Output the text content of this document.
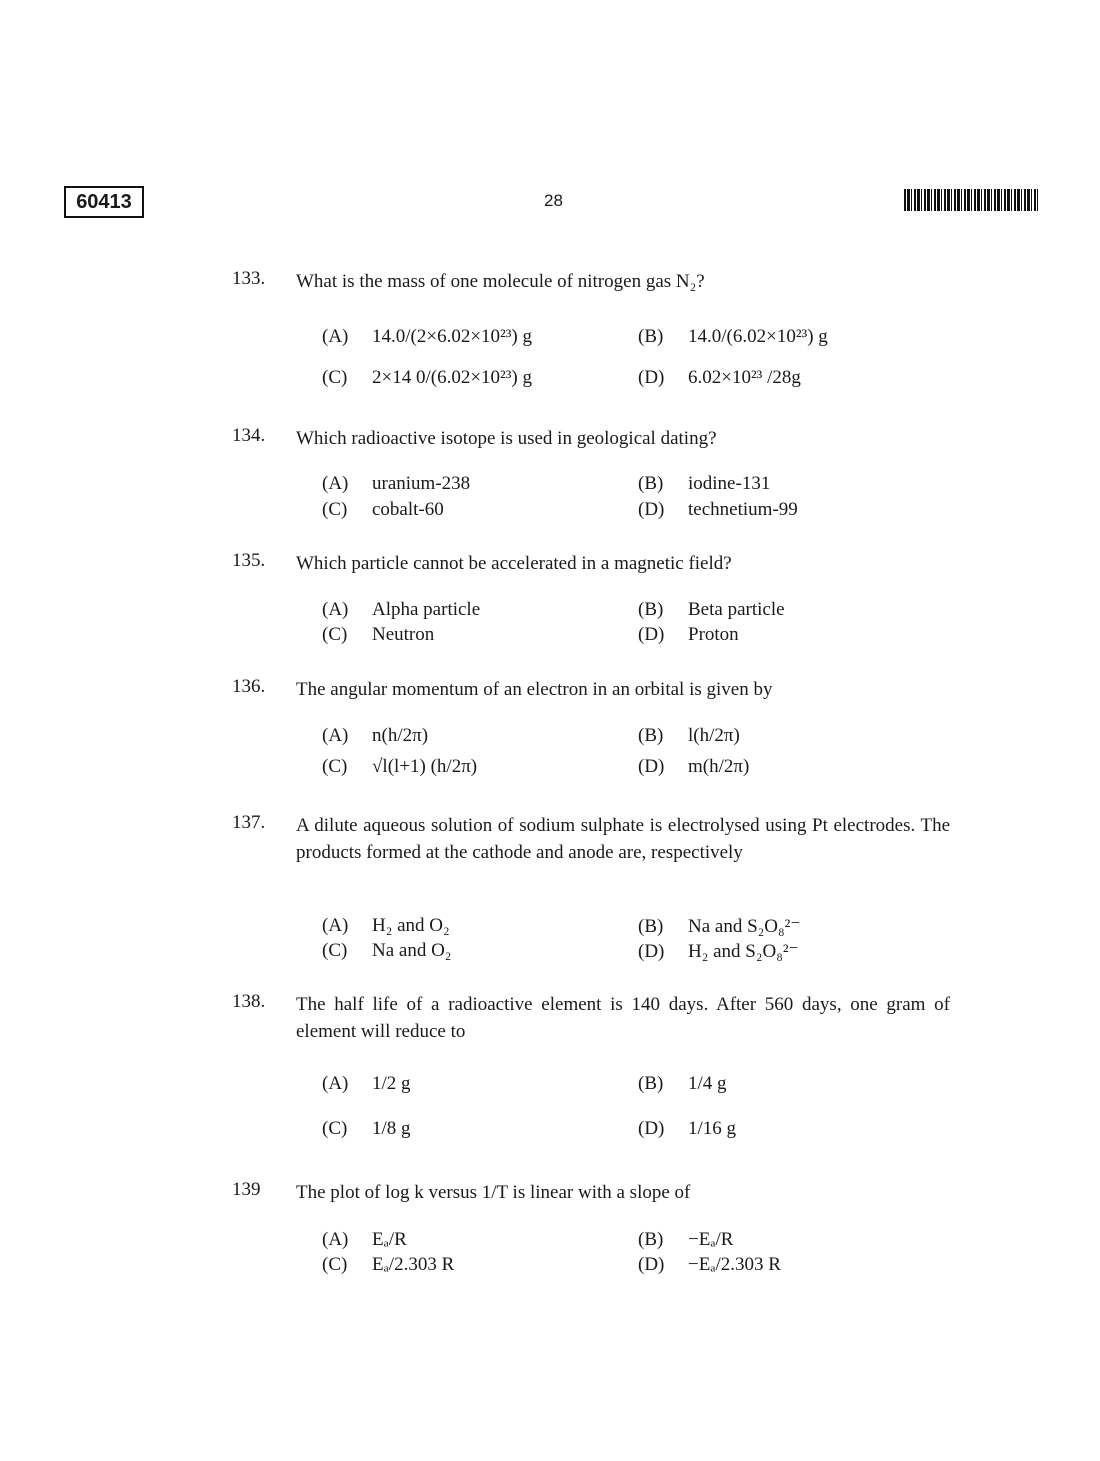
60413	28
133. What is the mass of one molecule of nitrogen gas N₂?
(A) 14.0/(2×6.02×10²³) g	(B) 14.0/(6.02×10²³) g
(C) 2×14 0/(6.02×10²³) g	(D) 6.02×10²³ /28g
134. Which radioactive isotope is used in geological dating?
(A) uranium-238	(B) iodine-131
(C) cobalt-60	(D) technetium-99
135. Which particle cannot be accelerated in a magnetic field?
(A) Alpha particle	(B) Beta particle
(C) Neutron	(D) Proton
136. The angular momentum of an electron in an orbital is given by
(A) n(h/2π)	(B) l(h/2π)
(C) √l(l+1) (h/2π)	(D) m(h/2π)
137. A dilute aqueous solution of sodium sulphate is electrolysed using Pt electrodes. The products formed at the cathode and anode are, respectively
(A) H₂ and O₂	(B) Na and S₂O₈²⁻
(C) Na and O₂	(D) H₂ and S₂O₈²⁻
138. The half life of a radioactive element is 140 days. After 560 days, one gram of element will reduce to
(A) 1/2 g	(B) 1/4 g
(C) 1/8 g	(D) 1/16 g
139 The plot of log k versus 1/T is linear with a slope of
(A) Eₐ/R	(B) −Eₐ/R
(C) Eₐ/2.303 R	(D) −Eₐ/2.303 R
